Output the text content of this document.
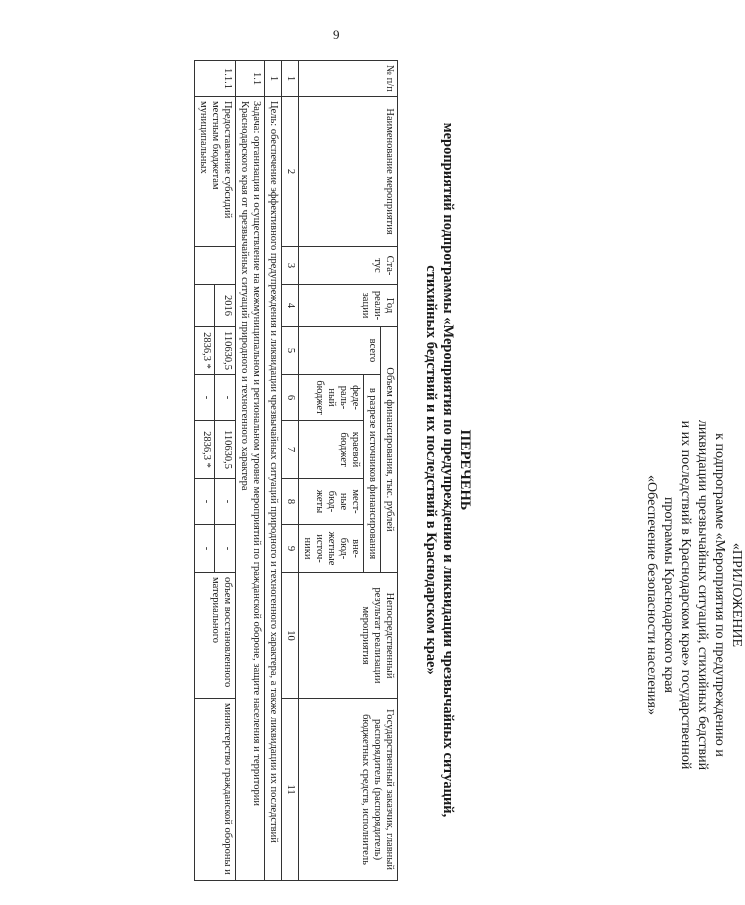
9
«ПРИЛОЖЕНИЕ
к подпрограмме «Мероприятия по предупреждению и
ликвидации чрезвычайных ситуаций, стихийных бедствий
и их последствий в Краснодарском крае» государственной
программы Краснодарского края
«Обеспечение безопасности населения»
ПЕРЕЧЕНЬ
мероприятий подпрограммы «Мероприятия по предупреждению и ликвидации чрезвычайных ситуаций,
стихийных бедствий и их последствий в Краснодарском крае»
№ п/п	Наименование мероприятия	Ста-тус	Год реали-зации	Объем финансирования, тыс. рублей					Непосредственный результат реализации мероприятия	Государственный заказчик, главный распорядитель (распорядитель) бюджетных средств, исполнитель
				всего	в разрезе источников финансирования					
					феде-раль-ный бюджет	краевой бюджет	мест-ные бюд-жеты	вне-бюд-жетные источ-ники		
1	2	3	4	5	6	7	8	9	10	11
1	Цель: обеспечение эффективного предупреждения и ликвидации чрезвычайных ситуаций природного и техногенного характера, а также ликвидации их последствий									
1.1	Задача: организация и осуществление на межмуниципальном и региональном уровне мероприятий по гражданской обороне, защите населения и территории Краснодарского края от чрезвычайных ситуаций природного и техногенного характера									
1.1.1	Предоставление субсидий местным бюджетам муниципальных		2016	110630,5	-	110630,5	-	-	объем восстановленного материального	министерство гражданской обороны и
				2836,3 *	-	2836,3 *	-	-		
